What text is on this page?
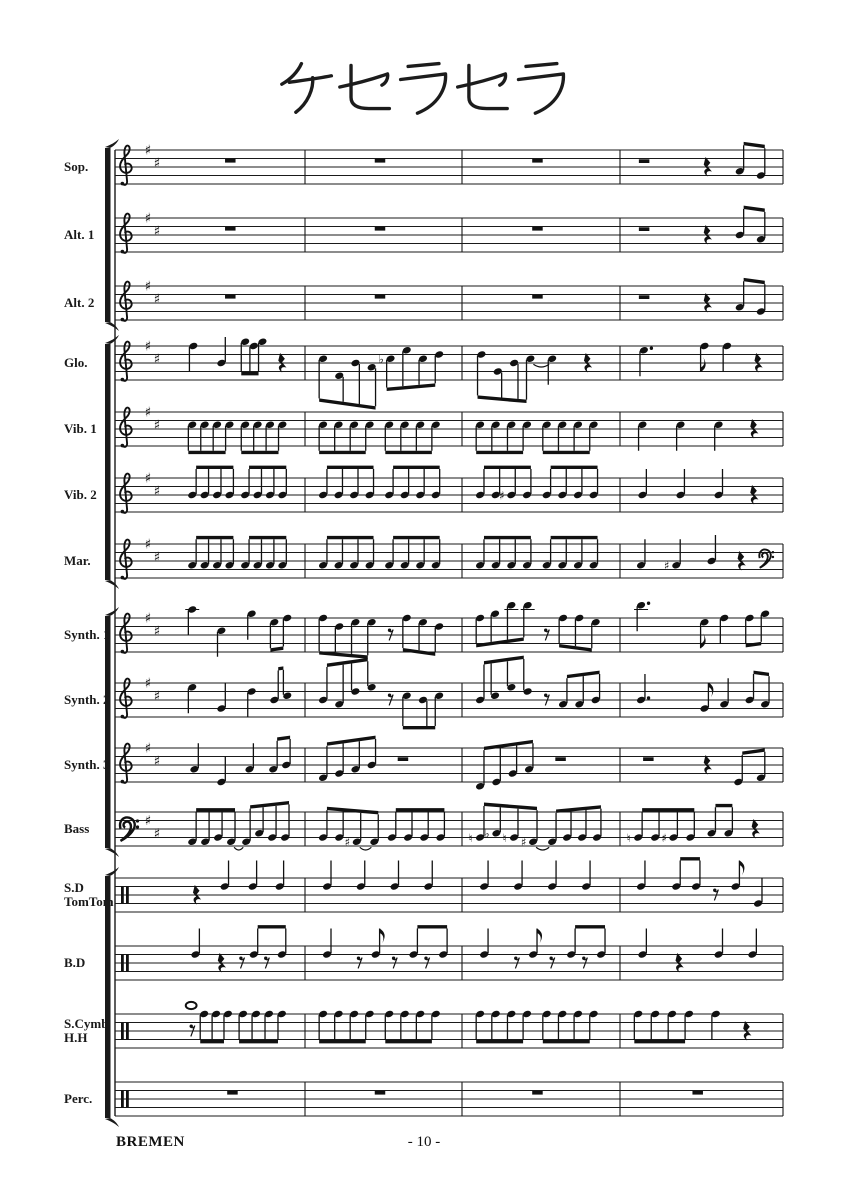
♯
♯
♯
♯
♯
♯
♯
♯	♭
♯
♯
♯
♯	♯
♯
♯
♯
♯
♯
♯
♯
♯
♯
♯
♯
♯	♮ ♭ ♮ ♯	♮	♯
Sop.
Alt. 1
Alt. 2
Glo.
Vib. 1
Vib. 2
Mar.
Synth. 1
Synth. 2
Synth. 3
Bass
S.D
TomTom
B.D
S.Cymb
H.H
Perc.
BREMEN	- 10 -
